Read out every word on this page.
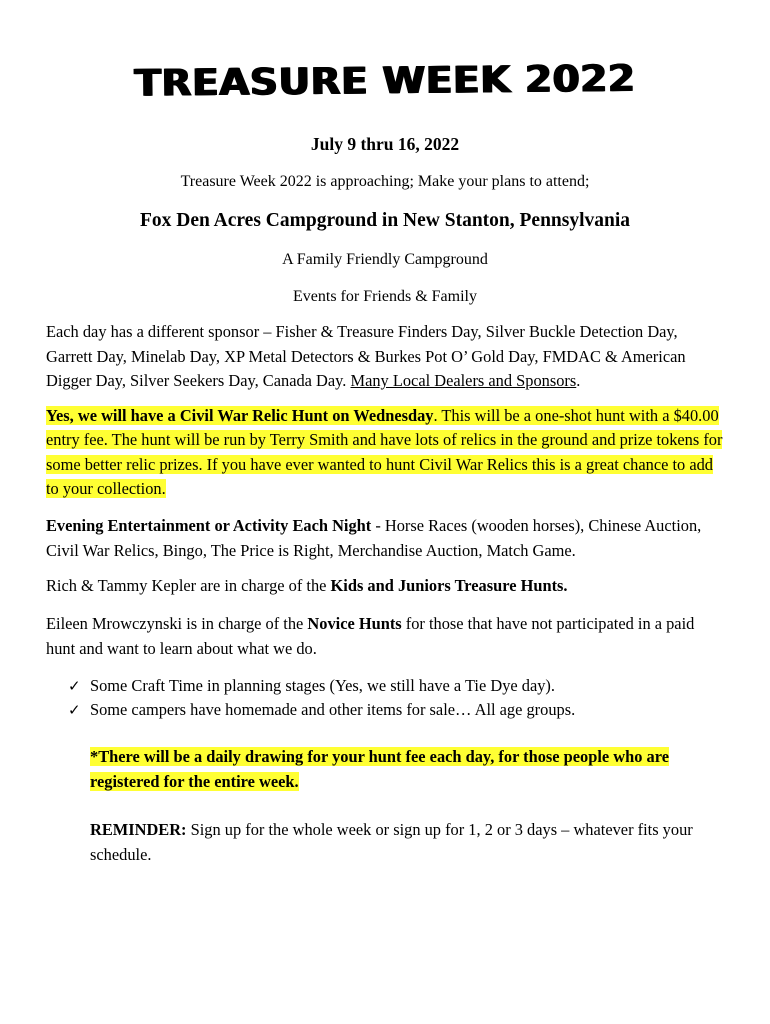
TREASURE WEEK 2022
July 9 thru 16, 2022
Treasure Week 2022 is approaching; Make your plans to attend;
Fox Den Acres Campground in New Stanton, Pennsylvania
A Family Friendly Campground
Events for Friends & Family
Each day has a different sponsor – Fisher & Treasure Finders Day, Silver Buckle Detection Day, Garrett Day, Minelab Day, XP Metal Detectors & Burkes Pot O’ Gold Day, FMDAC & American Digger Day, Silver Seekers Day, Canada Day. Many Local Dealers and Sponsors.
Yes, we will have a Civil War Relic Hunt on Wednesday. This will be a one-shot hunt with a $40.00 entry fee. The hunt will be run by Terry Smith and have lots of relics in the ground and prize tokens for some better relic prizes. If you have ever wanted to hunt Civil War Relics this is a great chance to add to your collection.
Evening Entertainment or Activity Each Night - Horse Races (wooden horses), Chinese Auction, Civil War Relics, Bingo, The Price is Right, Merchandise Auction, Match Game.
Rich & Tammy Kepler are in charge of the Kids and Juniors Treasure Hunts.
Eileen Mrowczynski is in charge of the Novice Hunts for those that have not participated in a paid hunt and want to learn about what we do.
✓ Some Craft Time in planning stages (Yes, we still have a Tie Dye day).
✓ Some campers have homemade and other items for sale… All age groups.
*There will be a daily drawing for your hunt fee each day, for those people who are registered for the entire week.
REMINDER: Sign up for the whole week or sign up for 1, 2 or 3 days – whatever fits your schedule.
